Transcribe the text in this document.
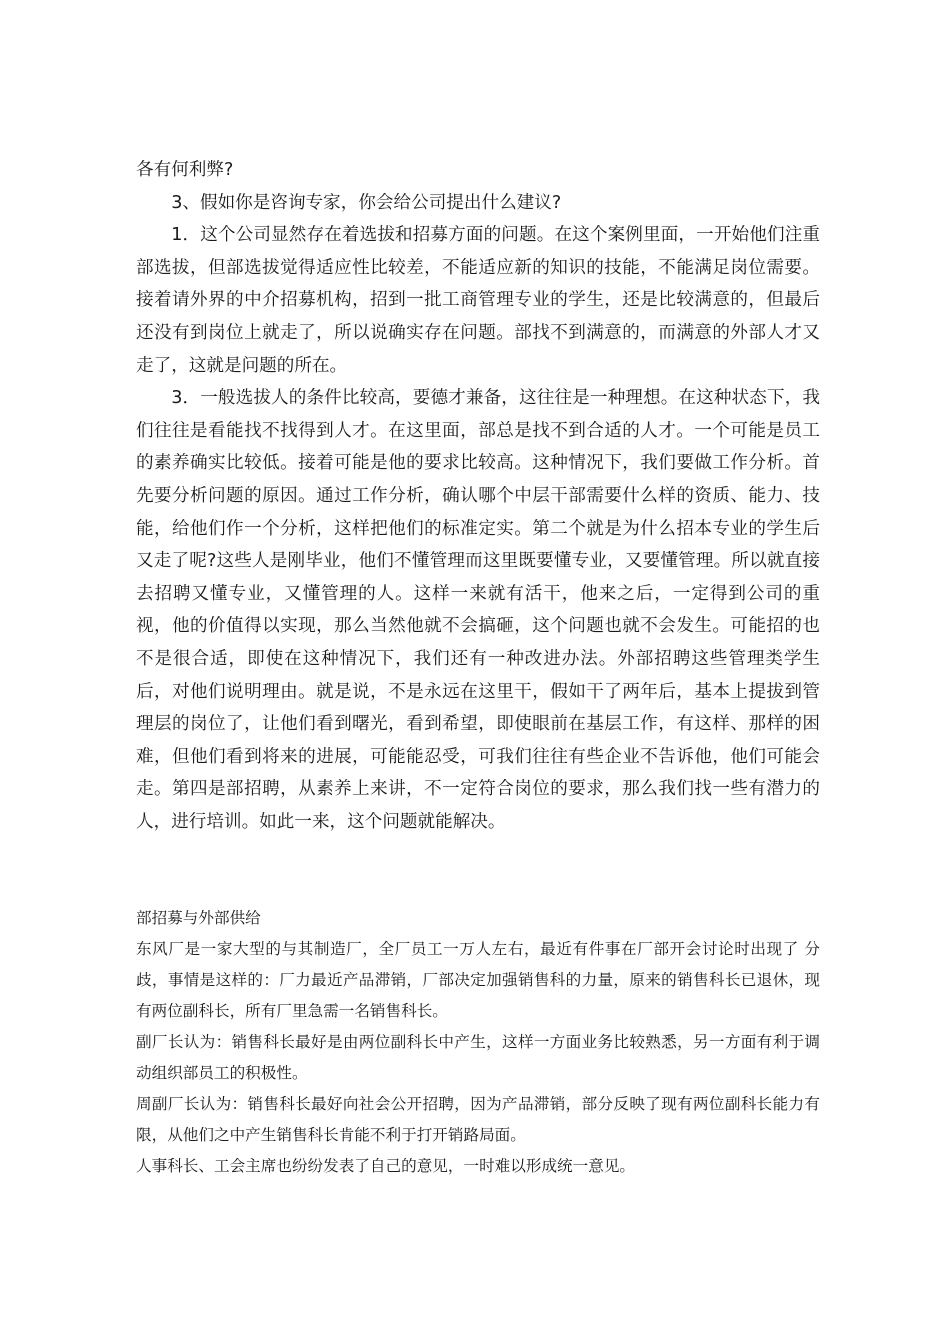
各有何利弊?

3、假如你是咨询专家，你会给公司提出什么建议?

1．这个公司显然存在着选拔和招募方面的问题。在这个案例里面，一开始他们注重部选拔，但部选拔觉得适应性比较差，不能适应新的知识的技能，不能满足岗位需要。接着请外界的中介招募机构，招到一批工商管理专业的学生，还是比较满意的，但最后还没有到岗位上就走了，所以说确实存在问题。部找不到满意的，而满意的外部人才又走了，这就是问题的所在。

3．一般选拔人的条件比较高，要德才兼备，这往往是一种理想。在这种状态下，我们往往是看能找不找得到人才。在这里面，部总是找不到合适的人才。一个可能是员工的素养确实比较低。接着可能是他的要求比较高。这种情况下，我们要做工作分析。首先要分析问题的原因。通过工作分析，确认哪个中层干部需要什么样的资质、能力、技能，给他们作一个分析，这样把他们的标准定实。第二个就是为什么招本专业的学生后又走了呢?这些人是刚毕业，他们不懂管理而这里既要懂专业，又要懂管理。所以就直接去招聘又懂专业，又懂管理的人。这样一来就有活干，他来之后，一定得到公司的重视，他的价值得以实现，那么当然他就不会搞砸，这个问题也就不会发生。可能招的也不是很合适，即使在这种情况下，我们还有一种改进办法。外部招聘这些管理类学生后，对他们说明理由。就是说，不是永远在这里干，假如干了两年后，基本上提拔到管理层的岗位了，让他们看到曙光，看到希望，即使眼前在基层工作，有这样、那样的困难，但他们看到将来的进展，可能能忍受，可我们往往有些企业不告诉他，他们可能会走。第四是部招聘，从素养上来讲，不一定符合岗位的要求，那么我们找一些有潜力的人，进行培训。如此一来，这个问题就能解决。

部招募与外部供给

东风厂是一家大型的与其制造厂，全厂员工一万人左右，最近有件事在厂部开会讨论时出现了 分歧，事情是这样的：厂力最近产品滞销，厂部决定加强销售科的力量，原来的销售科长已退休，现有两位副科长，所有厂里急需一名销售科长。

副厂长认为：销售科长最好是由两位副科长中产生，这样一方面业务比较熟悉，另一方面有利于调动组织部员工的积极性。

周副厂长认为：销售科长最好向社会公开招聘，因为产品滞销，部分反映了现有两位副科长能力有限，从他们之中产生销售科长肯能不利于打开销路局面。

人事科长、工会主席也纷纷发表了自己的意见，一时难以形成统一意见。
